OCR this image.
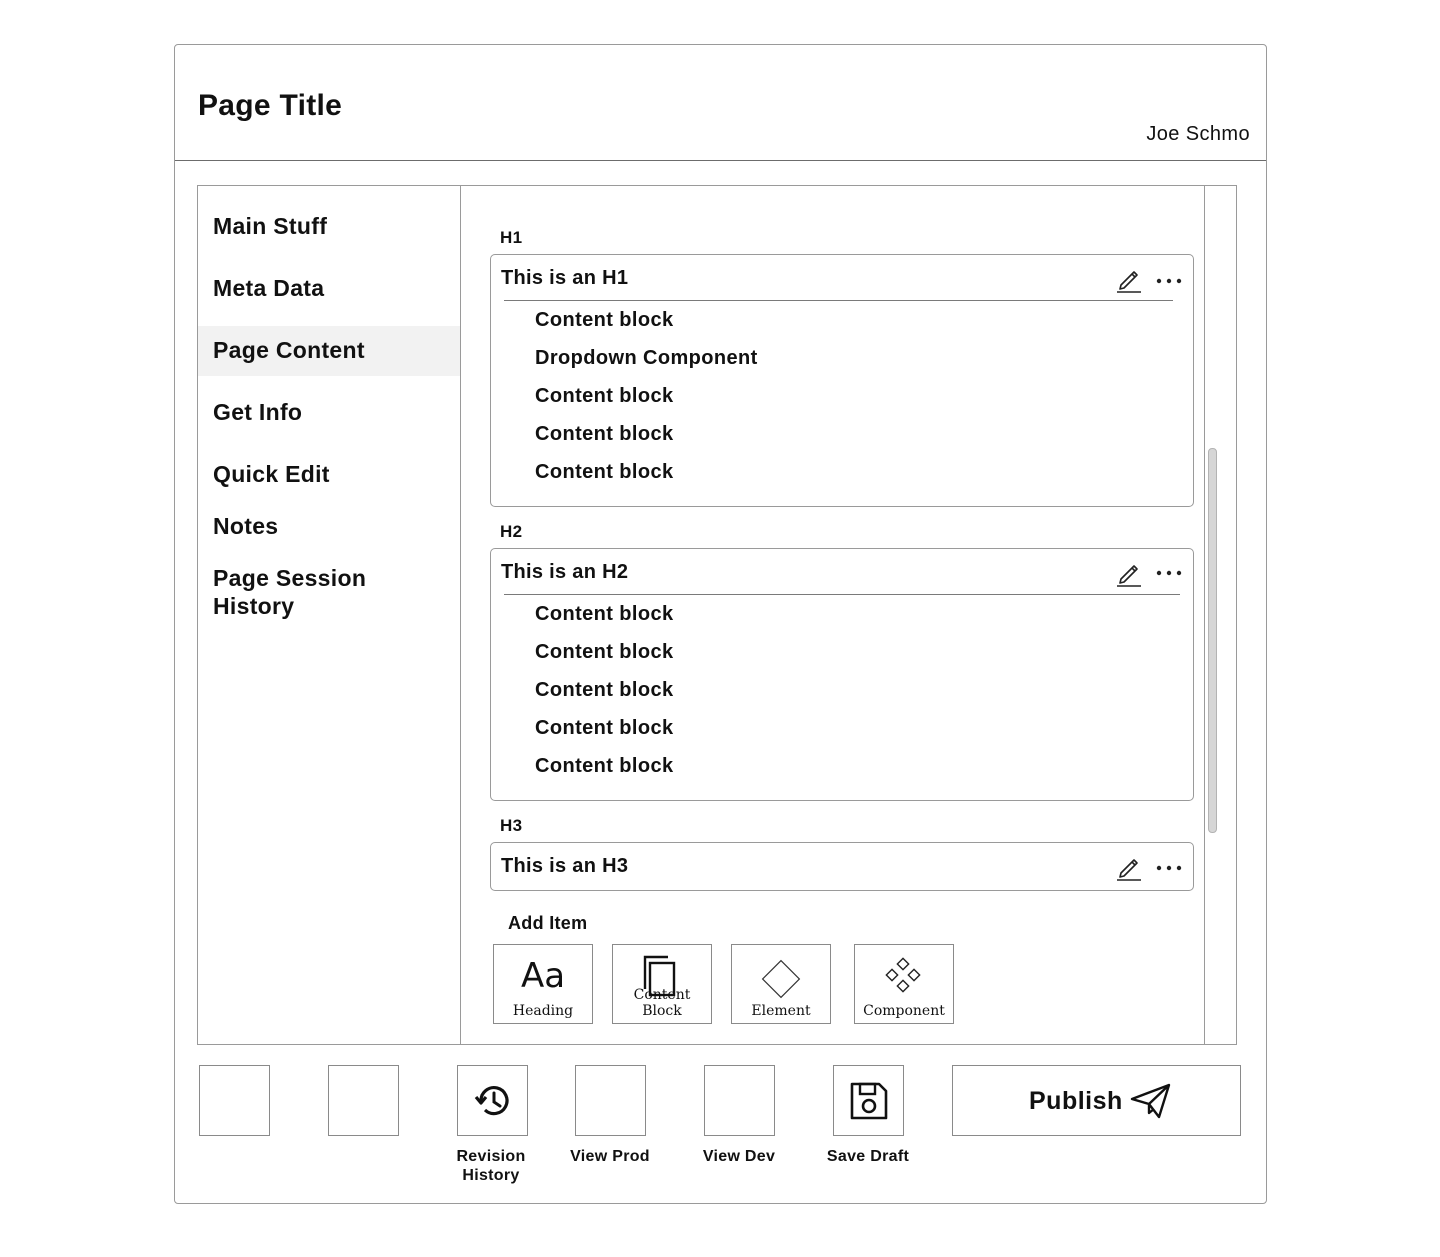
Page Title
Joe Schmo
Main Stuff
Meta Data
Page Content
Get Info
Quick Edit
Notes
Page Session History
H1
This is an H1
Content block
Dropdown Component
Content block
Content block
Content block
H2
This is an H2
Content block
Content block
Content block
Content block
Content block
H3
This is an H3
Add Item
Aa
Heading
Content Block	Element	Component
Revision History
View Prod	View Dev	Save Draft
Publish
